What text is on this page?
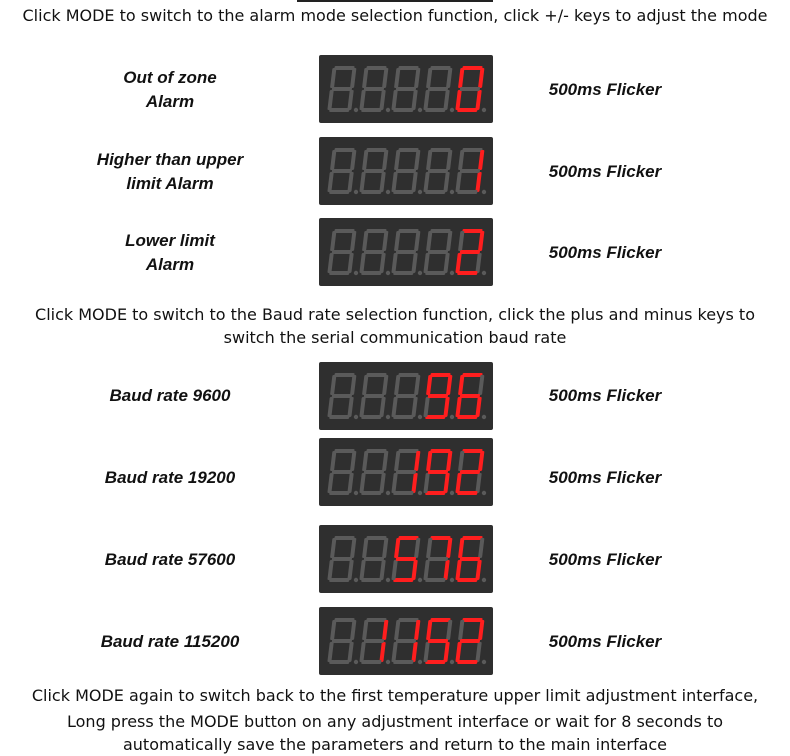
Click MODE to switch to the alarm mode selection function, click +/- keys to adjust the mode
Out of zone
Alarm
500ms Flicker
Higher than upper
limit Alarm
500ms Flicker
Lower limit
Alarm
500ms Flicker
Click MODE to switch to the Baud rate selection function, click the plus and minus keys to switch the serial communication baud rate
Baud rate 9600	500ms Flicker
Baud rate 19200	500ms Flicker
Baud rate 57600	500ms Flicker
Baud rate 115200	500ms Flicker
Click MODE again to switch back to the first temperature upper limit adjustment interface,
Long press the MODE button on any adjustment interface or wait for 8 seconds to automatically save the parameters and return to the main interface
